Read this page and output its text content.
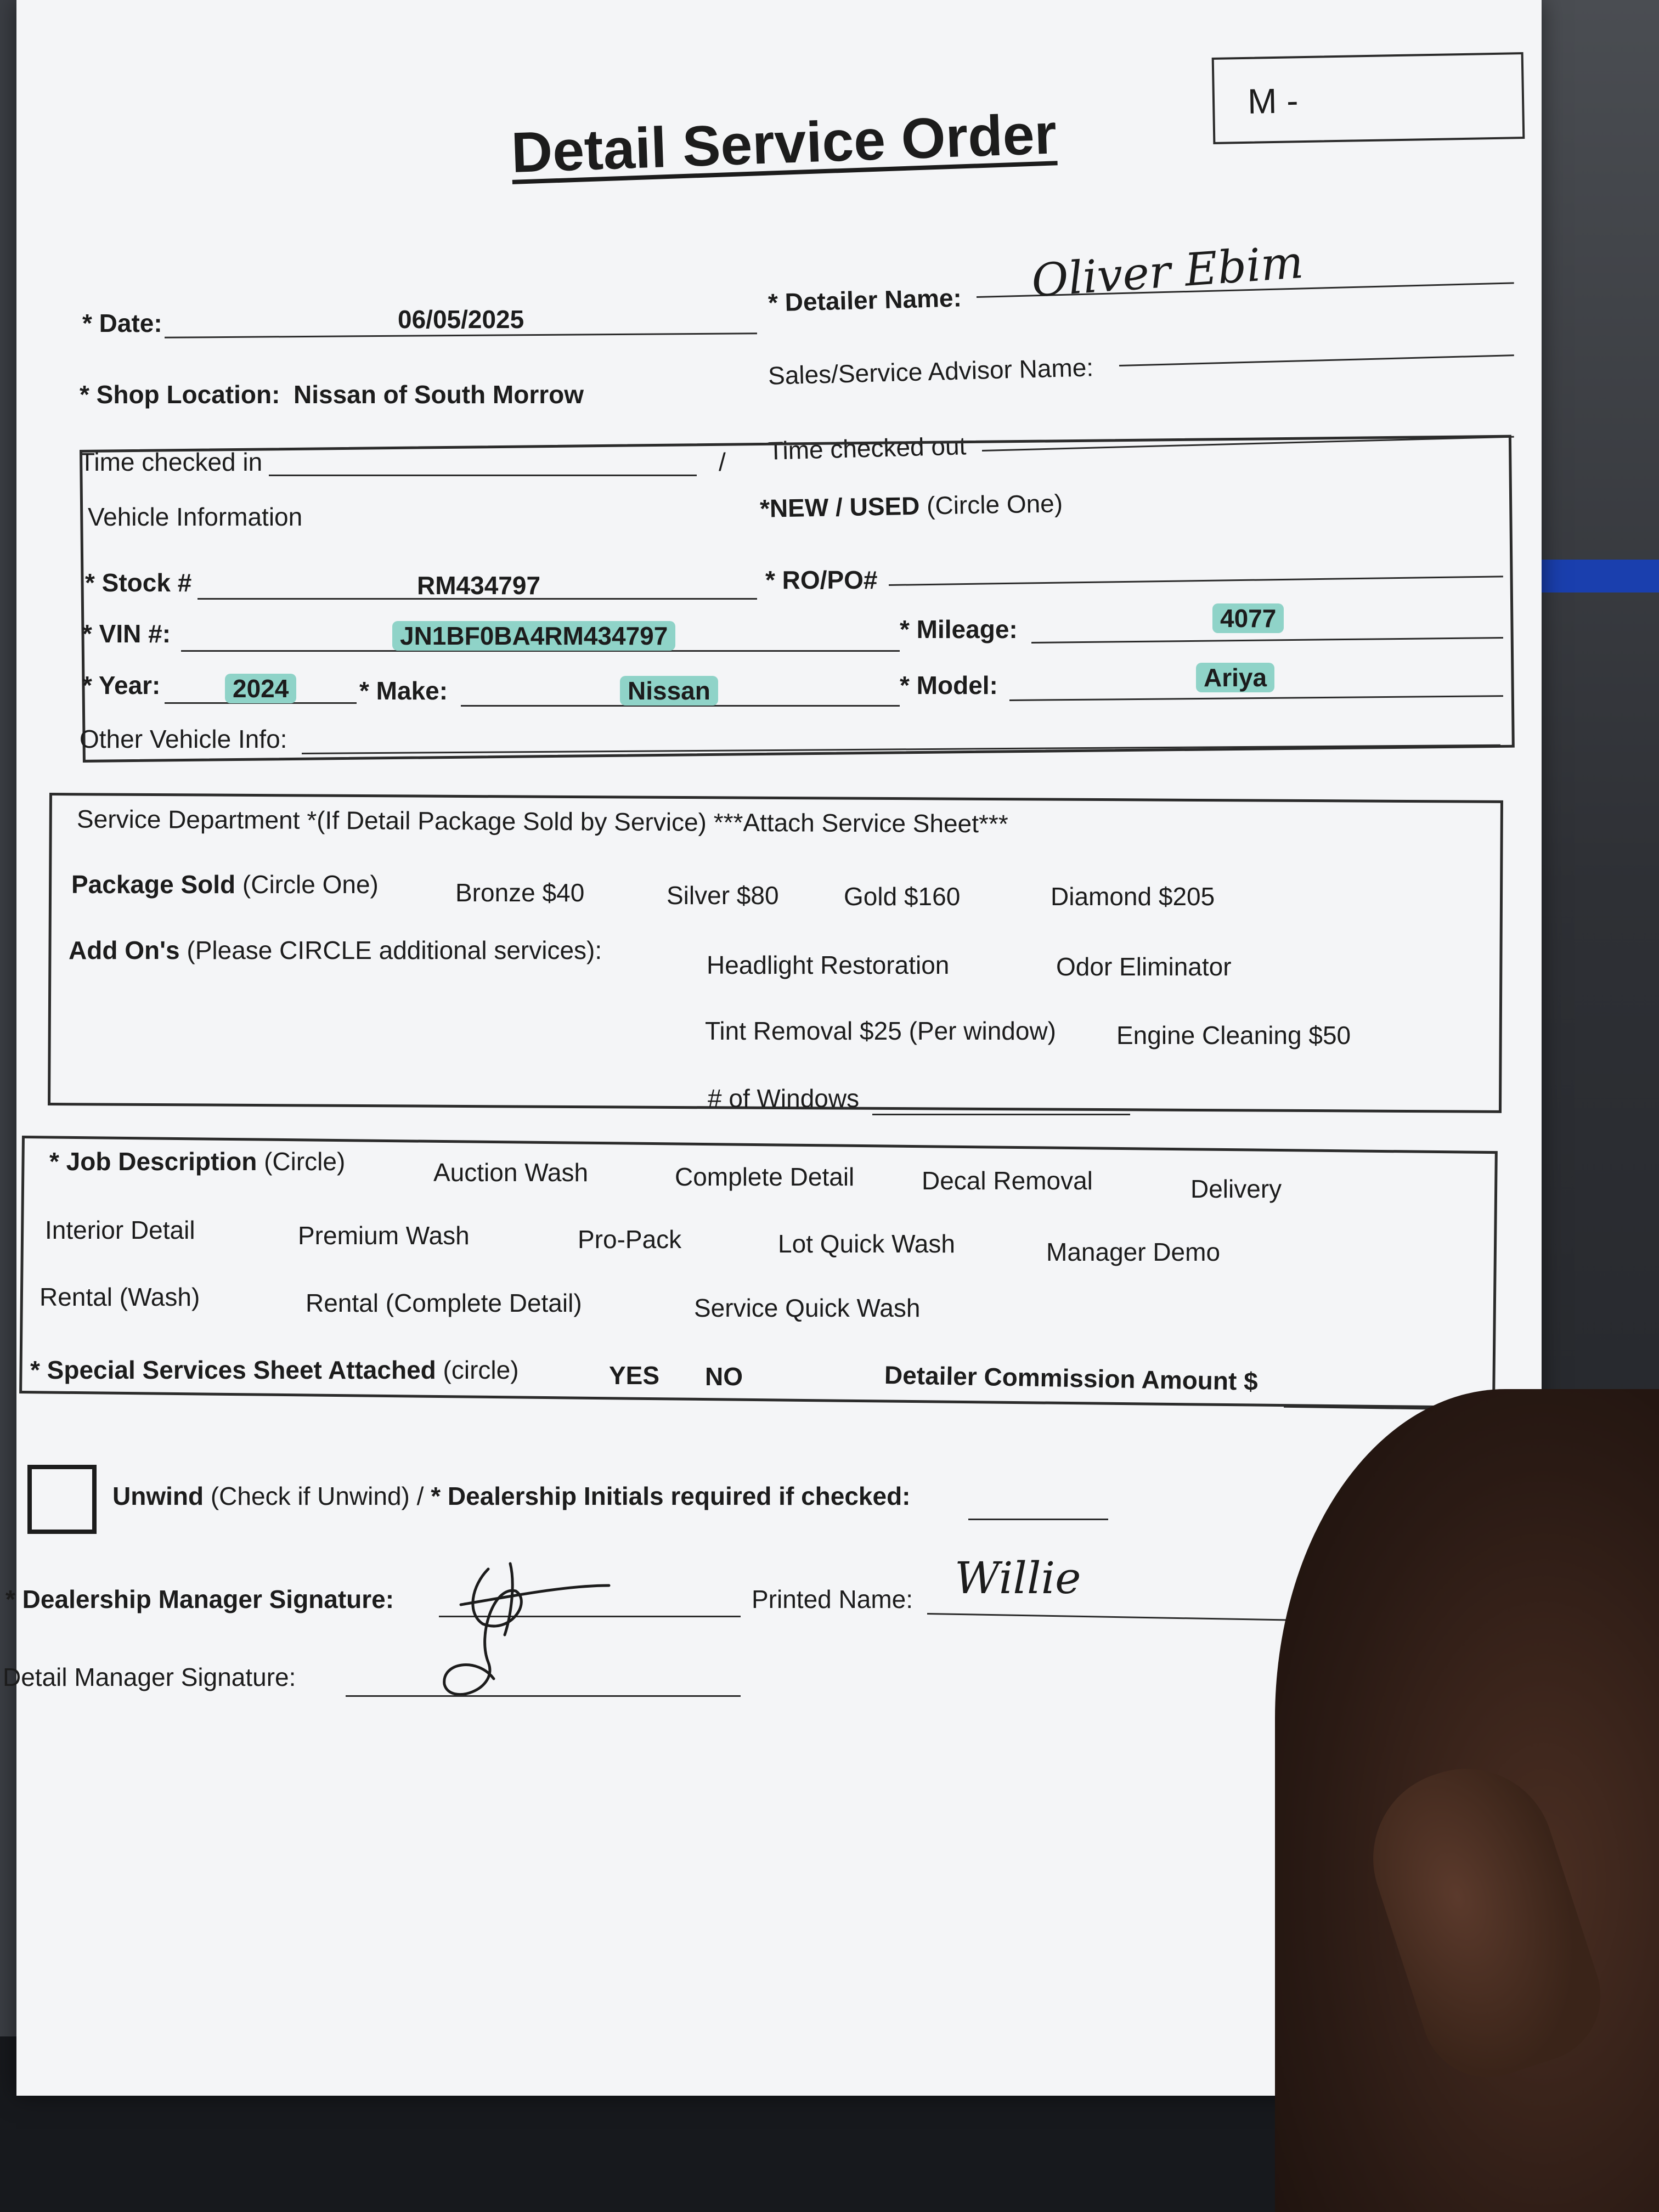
Detail Service Order
M -
* Date:	06/05/2025
* Detailer Name: Oliver Ebim
* Shop Location: Nissan of South Morrow
Sales/Service Advisor Name:
Time checked in	/ Time checked out
Vehicle Information	*NEW / USED (Circle One)
* Stock #	RM434797	* RO/PO#
* VIN #:	JN1BF0BA4RM434797	* Mileage:	4077
* Year:	2024	* Make:	Nissan	* Model:	Ariya
Other Vehicle Info:
Service Department *(If Detail Package Sold by Service) ***Attach Service Sheet***
Package Sold (Circle One)	Bronze $40	Silver $80	Gold $160	Diamond $205
Add On's (Please CIRCLE additional services):
Headlight Restoration	Odor Eliminator
Tint Removal $25 (Per window) Engine Cleaning $50
# of Windows
* Job Description (Circle)	Auction Wash	Complete Detail	Decal Removal	Delivery
Interior Detail	Premium Wash	Pro-Pack	Lot Quick Wash	Manager Demo
Rental (Wash)	Rental (Complete Detail)	Service Quick Wash
* Special Services Sheet Attached (circle)	YES NO	Detailer Commission Amount $
Unwind (Check if Unwind) / * Dealership Initials required if checked:
* Dealership Manager Signature:	Printed Name: Willie
Detail Manager Signature:
